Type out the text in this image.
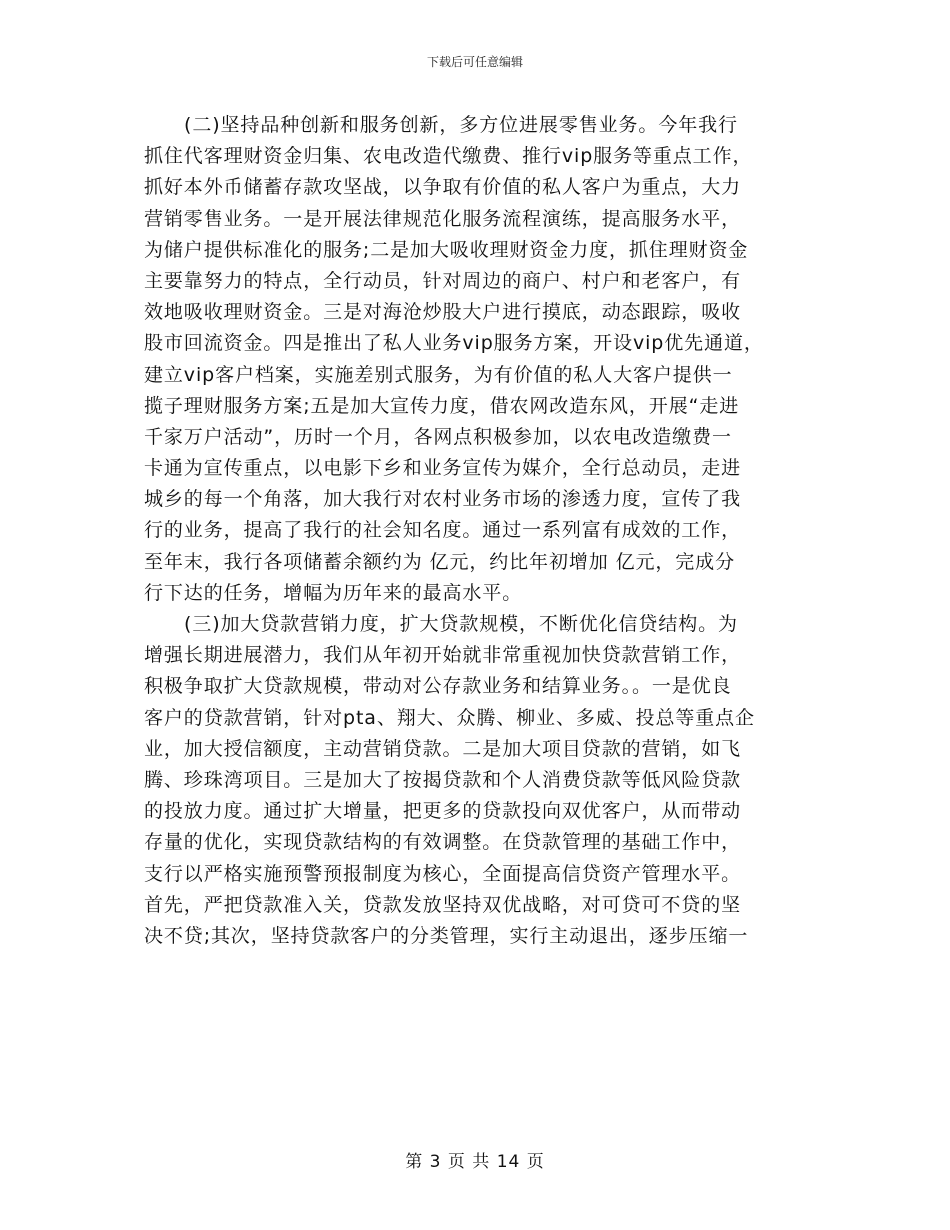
下载后可任意编辑
(二)坚持品种创新和服务创新，多方位进展零售业务。今年我行
抓住代客理财资金归集、农电改造代缴费、推行vip服务等重点工作，
抓好本外币储蓄存款攻坚战，以争取有价值的私人客户为重点，大力
营销零售业务。一是开展法律规范化服务流程演练，提高服务水平，
为储户提供标准化的服务;二是加大吸收理财资金力度，抓住理财资金
主要靠努力的特点，全行动员，针对周边的商户、村户和老客户，有
效地吸收理财资金。三是对海沧炒股大户进行摸底，动态跟踪，吸收
股市回流资金。四是推出了私人业务vip服务方案，开设vip优先通道，
建立vip客户档案，实施差别式服务，为有价值的私人大客户提供一
揽子理财服务方案;五是加大宣传力度，借农网改造东风，开展“走进
千家万户活动”，历时一个月，各网点积极参加，以农电改造缴费一
卡通为宣传重点，以电影下乡和业务宣传为媒介，全行总动员，走进
城乡的每一个角落，加大我行对农村业务市场的渗透力度，宣传了我
行的业务，提高了我行的社会知名度。通过一系列富有成效的工作，
至年末，我行各项储蓄余额约为 亿元，约比年初增加 亿元，完成分
行下达的任务，增幅为历年来的最高水平。
(三)加大贷款营销力度，扩大贷款规模，不断优化信贷结构。为
增强长期进展潜力，我们从年初开始就非常重视加快贷款营销工作，
积极争取扩大贷款规模，带动对公存款业务和结算业务。。一是优良
客户的贷款营销，针对pta、翔大、众腾、柳业、多威、投总等重点企
业，加大授信额度，主动营销贷款。二是加大项目贷款的营销，如飞
腾、珍珠湾项目。三是加大了按揭贷款和个人消费贷款等低风险贷款
的投放力度。通过扩大增量，把更多的贷款投向双优客户，从而带动
存量的优化，实现贷款结构的有效调整。在贷款管理的基础工作中，
支行以严格实施预警预报制度为核心，全面提高信贷资产管理水平。
首先，严把贷款准入关，贷款发放坚持双优战略，对可贷可不贷的坚
决不贷;其次，坚持贷款客户的分类管理，实行主动退出，逐步压缩一
第 3 页 共 14 页
